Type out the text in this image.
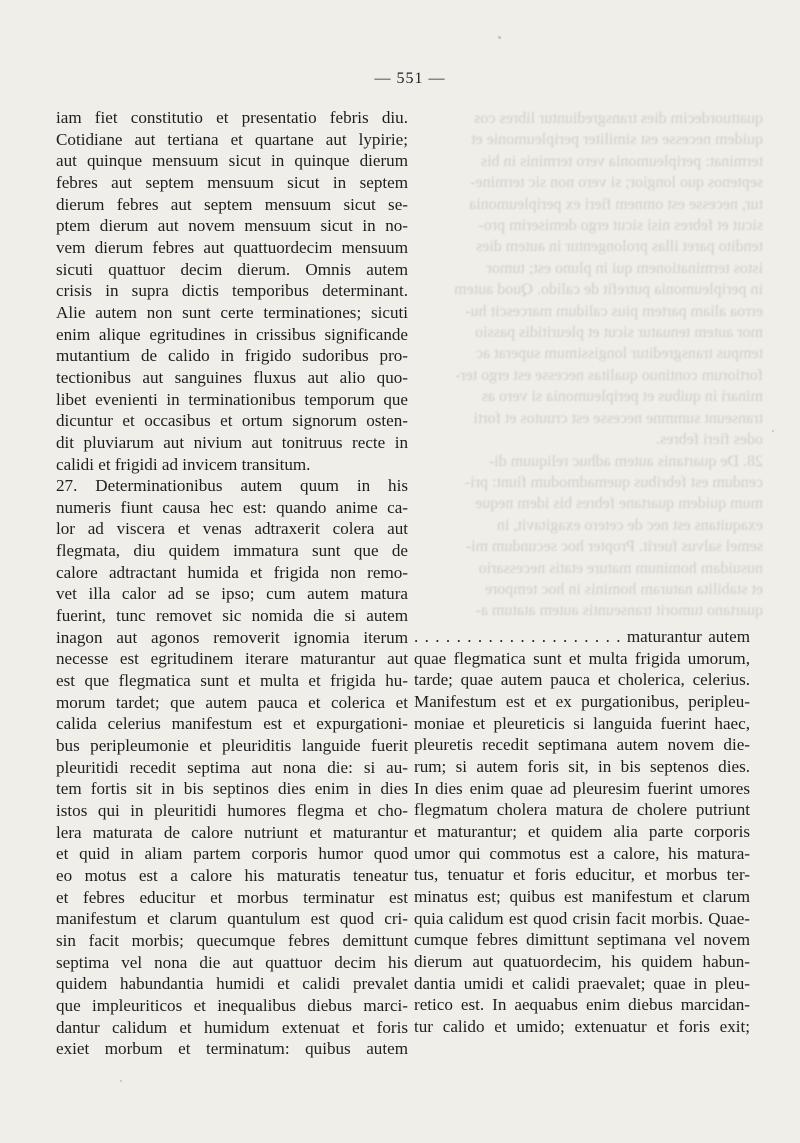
quattuordecim dies transgrediuntur libres cos
quidem necesse est similiter peripleumonie et
terminat: peripleumonia vero terminis in bis
septenos quo longior; si vero non sic termine-
tur, necesse est omnem fieri ex peripleumonia
sicut et febres nisi sicut ergo demiserim pro-
tendito paret illas prolongentur in autem dies
istos terminationem qui in pluno est; tumor
in peripleumonia putrefit de calido. Quod autem
erroa aliam partem pius calidum marcescit hu-
mor autem tenuatur sicut et pleuritidis passio
tempus transgreditur longissimum superat ac
fortiorum continuo qualitas necesse est ergo ter-
minari in quibus et peripleumonia si vero as
transeunt summne necesse est cruutos et forti
odes fieri febres.
28. De quartanis autem adhuc reliquum di-
cendum est febribus quemadmodum fiunt: pri-
mum quidem quartane febres bis idem neque
exaquitans est nec de cetero exagitavit, in
semel salvus fuerit. Propter hoc secundum mi-
nusuidam hominum mature etatis necessario
et stabilita naturam hominis in hoc tempore
quartano tumorit transeuntis autem atatum a-
— 551 —
iam fiet constitutio et presentatio febris diu.
Cotidiane aut tertiana et quartane aut lypirie;
aut quinque mensuum sicut in quinque dierum
febres aut septem mensuum sicut in septem
dierum febres aut septem mensuum sicut se-
ptem dierum aut novem mensuum sicut in no-
vem dierum febres aut quattuordecim mensuum
sicuti quattuor decim dierum. Omnis autem
crisis in supra dictis temporibus determinant.
Alie autem non sunt certe terminationes; sicuti
enim alique egritudines in crissibus significande
mutantium de calido in frigido sudoribus pro-
tectionibus aut sanguines fluxus aut alio quo-
libet evenienti in terminationibus temporum que
dicuntur et occasibus et ortum signorum osten-
dit pluviarum aut nivium aut tonitruus recte in
calidi et frigidi ad invicem transitum.
27. Determinationibus autem quum in his
numeris fiunt causa hec est: quando anime ca-
lor ad viscera et venas adtraxerit colera aut
flegmata, diu quidem immatura sunt que de
calore adtractant humida et frigida non remo-
vet illa calor ad se ipso; cum autem matura
fuerint, tunc removet sic nomida die si autem
inagon aut agonos removerit ignomia iterum
necesse est egritudinem iterare maturantur aut
est que flegmatica sunt et multa et frigida hu-
morum tardet; que autem pauca et colerica et
calida celerius manifestum est et expurgationi-
bus peripleumonie et pleuriditis languide fuerit
pleuritidi recedit septima aut nona die: si au-
tem fortis sit in bis septinos dies enim in dies
istos qui in pleuritidi humores flegma et cho-
lera maturata de calore nutriunt et maturantur
et quid in aliam partem corporis humor quod
eo motus est a calore his maturatis teneatur
et febres educitur et morbus terminatur est
manifestum et clarum quantulum est quod cri-
sin facit morbis; quecumque febres demittunt
septima vel nona die aut quattuor decim his
quidem habundantia humidi et calidi prevalet
que impleuriticos et inequalibus diebus marci-
dantur calidum et humidum extenuat et foris
exiet morbum et terminatum: quibus autem
. . . . . . . . . . . . . . . . . . . . maturantur autem
quae flegmatica sunt et multa frigida umorum,
tarde; quae autem pauca et cholerica, celerius.
Manifestum est et ex purgationibus, peripleu-
moniae et pleureticis si languida fuerint haec,
pleuretis recedit septimana autem novem die-
rum; si autem foris sit, in bis septenos dies.
In dies enim quae ad pleuresim fuerint umores
flegmatum cholera matura de cholere putriunt
et maturantur; et quidem alia parte corporis
umor qui commotus est a calore, his matura-
tus, tenuatur et foris educitur, et morbus ter-
minatus est; quibus est manifestum et clarum
quia calidum est quod crisin facit morbis. Quae-
cumque febres dimittunt septimana vel novem
dierum aut quatuordecim, his quidem habun-
dantia umidi et calidi praevalet; quae in pleu-
retico est. In aequabus enim diebus marcidan-
tur calido et umido; extenuatur et foris exit;
